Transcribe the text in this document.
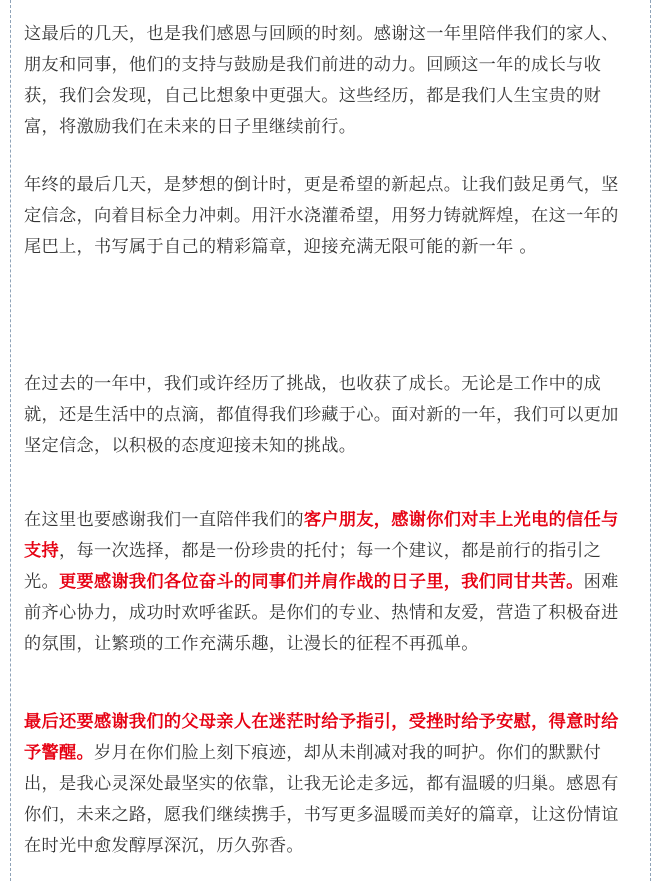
这最后的几天，也是我们感恩与回顾的时刻。感谢这一年里陪伴我们的家人、朋友和同事，他们的支持与鼓励是我们前进的动力。回顾这一年的成长与收获，我们会发现，自己比想象中更强大。这些经历，都是我们人生宝贵的财富，将激励我们在未来的日子里继续前行。

年终的最后几天，是梦想的倒计时，更是希望的新起点。让我们鼓足勇气，坚定信念，向着目标全力冲刺。用汗水浇灌希望，用努力铸就辉煌，在这一年的尾巴上，书写属于自己的精彩篇章，迎接充满无限可能的新一年 。

在过去的一年中，我们或许经历了挑战，也收获了成长。无论是工作中的成就，还是生活中的点滴，都值得我们珍藏于心。面对新的一年，我们可以更加坚定信念，以积极的态度迎接未知的挑战。

在这里也要感谢我们一直陪伴我们的客户朋友，感谢你们对丰上光电的信任与支持，每一次选择，都是一份珍贵的托付；每一个建议，都是前行的指引之光。更要感谢我们各位奋斗的同事们并肩作战的日子里，我们同甘共苦。困难前齐心协力，成功时欢呼雀跃。是你们的专业、热情和友爱，营造了积极奋进的氛围，让繁琐的工作充满乐趣，让漫长的征程不再孤单。

最后还要感谢我们的父母亲人在迷茫时给予指引，受挫时给予安慰，得意时给予警醒。岁月在你们脸上刻下痕迹，却从未削减对我的呵护。你们的默默付出，是我心灵深处最坚实的依靠，让我无论走多远，都有温暖的归巢。感恩有你们，未来之路，愿我们继续携手，书写更多温暖而美好的篇章，让这份情谊在时光中愈发醇厚深沉，历久弥香。
